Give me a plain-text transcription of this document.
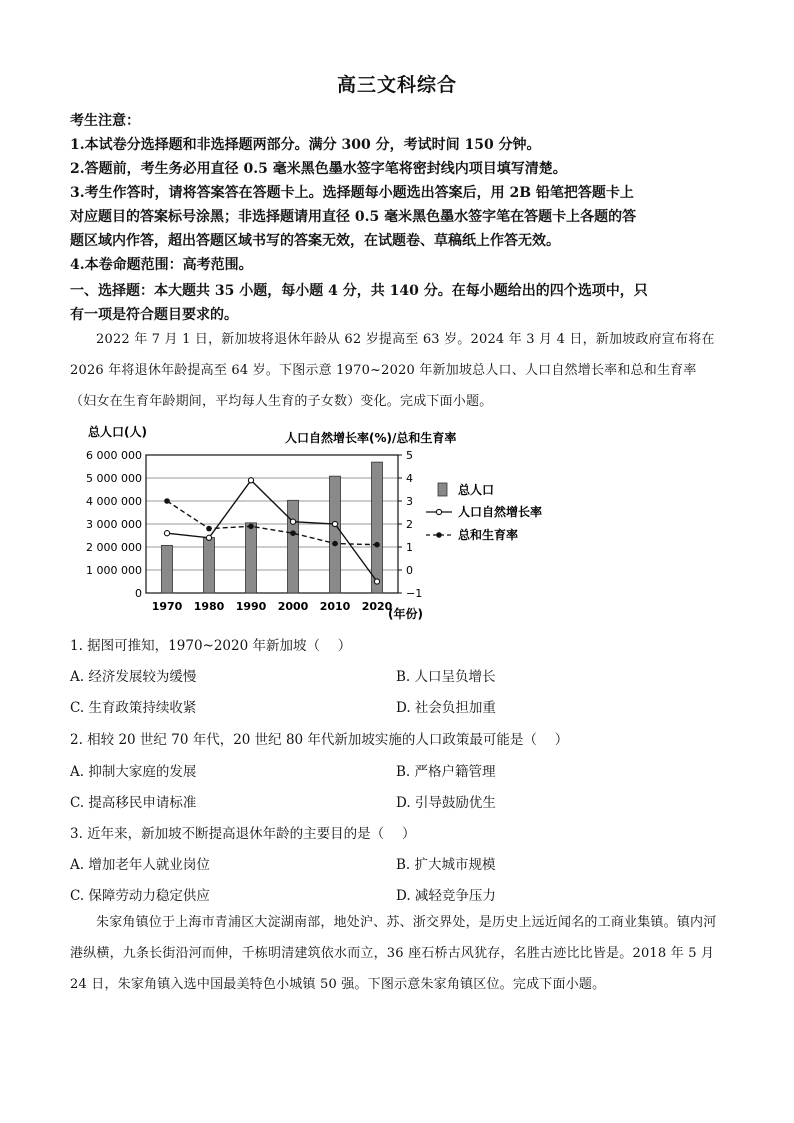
高三文科综合
考生注意：
1.本试卷分选择题和非选择题两部分。满分 300 分，考试时间 150 分钟。
2.答题前，考生务必用直径 0.5 毫米黑色墨水签字笔将密封线内项目填写清楚。
3.考生作答时，请将答案答在答题卡上。选择题每小题选出答案后，用 2B 铅笔把答题卡上
对应题目的答案标号涂黑；非选择题请用直径 0.5 毫米黑色墨水签字笔在答题卡上各题的答
题区域内作答，超出答题区域书写的答案无效，在试题卷、草稿纸上作答无效。
4.本卷命题范围：高考范围。
一、选择题：本大题共 35 小题，每小题 4 分，共 140 分。在每小题给出的四个选项中，只
有一项是符合题目要求的。
2022 年 7 月 1 日，新加坡将退休年龄从 62 岁提高至 63 岁。2024 年 3 月 4 日，新加坡政府宣布将在 2026 年将退休年龄提高至 64 岁。下图示意 1970~2020 年新加坡总人口、人口自然增长率和总和生育率（妇女在生育年龄期间，平均每人生育的子女数）变化。完成下面小题。
总人口(人)	人口自然增长率(%)/总和生育率
6 000 000
5 000 000
4 000 000
3 000 000
2 000 000
1 000 000
0
5
4
3
2
1
0
−1
1970 1980 1990 2000 2010 2020
(年份)
总人口
人口自然增长率
总和生育率
1. 据图可推知，1970~2020 年新加坡（　 ）
A. 经济发展较为缓慢	B. 人口呈负增长
C. 生育政策持续收紧	D. 社会负担加重
2. 相较 20 世纪 70 年代，20 世纪 80 年代新加坡实施的人口政策最可能是（　 ）
A. 抑制大家庭的发展	B. 严格户籍管理
C. 提高移民申请标准	D. 引导鼓励优生
3. 近年来，新加坡不断提高退休年龄的主要目的是（　 ）
A. 增加老年人就业岗位	B. 扩大城市规模
C. 保障劳动力稳定供应	D. 减轻竞争压力
朱家角镇位于上海市青浦区大淀湖南部，地处沪、苏、浙交界处，是历史上远近闻名的工商业集镇。镇内河港纵横，九条长街沿河而伸，千栋明清建筑依水而立，36 座石桥古风犹存，名胜古迹比比皆是。2018 年 5 月 24 日，朱家角镇入选中国最美特色小城镇 50 强。下图示意朱家角镇区位。完成下面小题。
